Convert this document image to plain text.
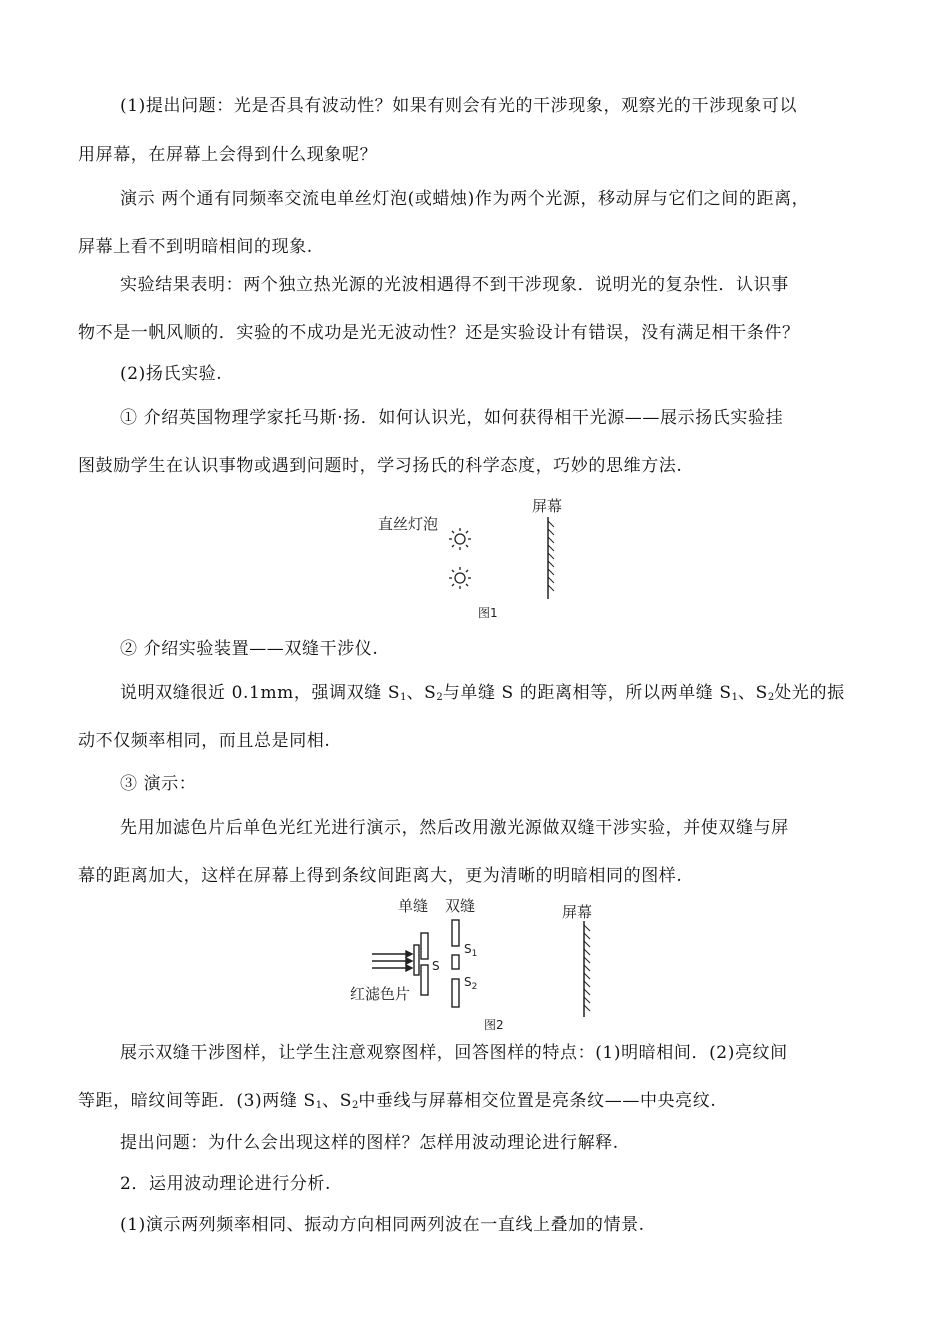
(1)提出问题：光是否具有波动性？如果有则会有光的干涉现象，观察光的干涉现象可以
用屏幕，在屏幕上会得到什么现象呢？
演示 两个通有同频率交流电单丝灯泡(或蜡烛)作为两个光源，移动屏与它们之间的距离，
屏幕上看不到明暗相间的现象.
实验结果表明：两个独立热光源的光波相遇得不到干涉现象．说明光的复杂性．认识事
物不是一帆风顺的．实验的不成功是光无波动性？还是实验设计有错误，没有满足相干条件？
(2)扬氏实验.
① 介绍英国物理学家托马斯·扬．如何认识光，如何获得相干光源——展示扬氏实验挂
图鼓励学生在认识事物或遇到问题时，学习扬氏的科学态度，巧妙的思维方法.
直丝灯泡
屏幕
图1
② 介绍实验装置——双缝干涉仪.
说明双缝很近 0.1mm，强调双缝 $S_1$、$S_2$与单缝 S 的距离相等，所以两单缝 $S_1$、$S_2$处光的振
动不仅频率相同，而且总是同相.
③ 演示：
先用加滤色片后单色光红光进行演示，然后改用激光源做双缝干涉实验，并使双缝与屏
幕的距离加大，这样在屏幕上得到条纹间距离大，更为清晰的明暗相同的图样.
单缝 双缝	屏幕
S
$S_1$
$S_2$
红滤色片
图2
展示双缝干涉图样，让学生注意观察图样，回答图样的特点：(1)明暗相间．(2)亮纹间
等距，暗纹间等距．(3)两缝 $S_1$、$S_2$中垂线与屏幕相交位置是亮条纹——中央亮纹.
提出问题：为什么会出现这样的图样？怎样用波动理论进行解释.
2．运用波动理论进行分析.
(1)演示两列频率相同、振动方向相同两列波在一直线上叠加的情景.
